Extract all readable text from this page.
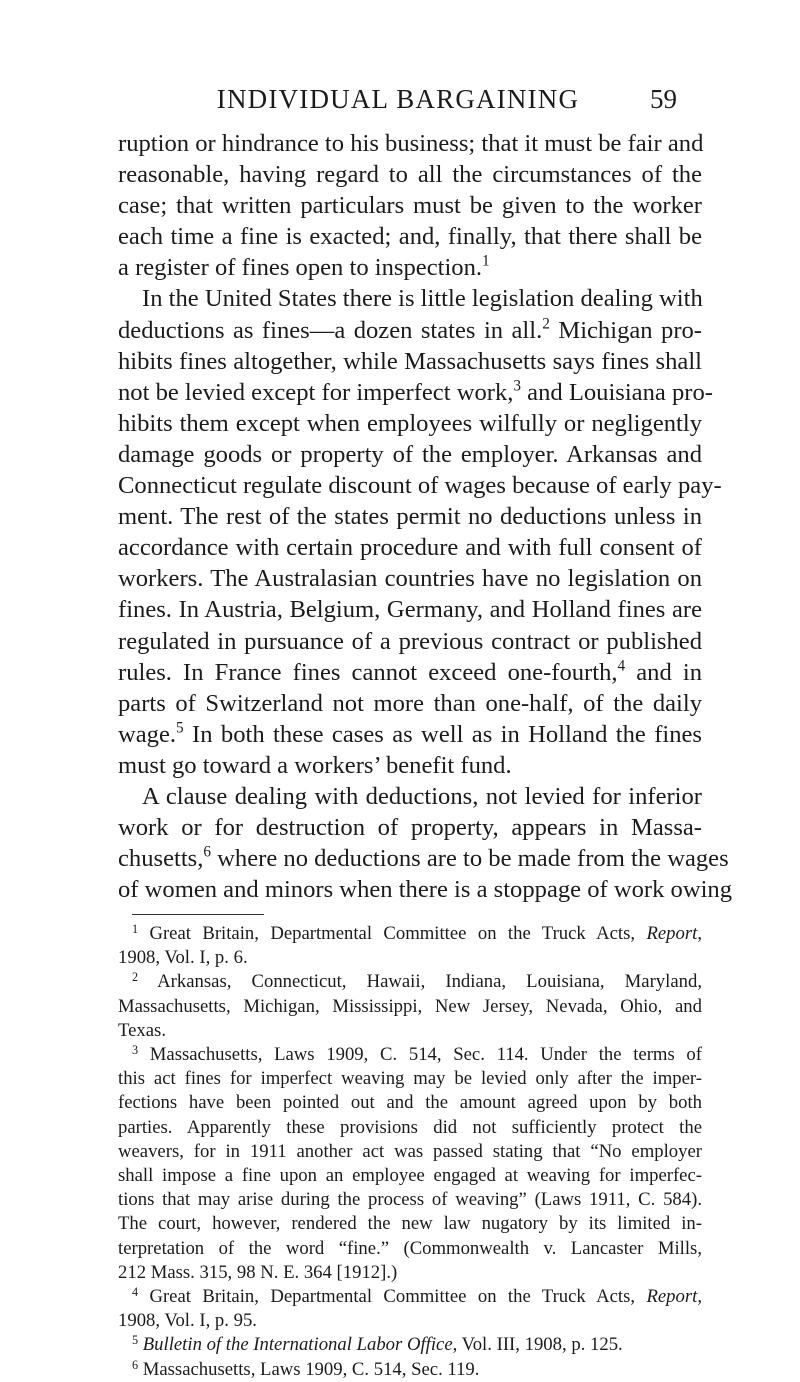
INDIVIDUAL BARGAINING	59
ruption or hindrance to his business; that it must be fair and
reasonable, having regard to all the circumstances of the
case; that written particulars must be given to the worker
each time a fine is exacted; and, finally, that there shall be
a register of fines open to inspection.$^1$
In the United States there is little legislation dealing with
deductions as fines—a dozen states in all.$^2$ Michigan pro-
hibits fines altogether, while Massachusetts says fines shall
not be levied except for imperfect work,$^3$ and Louisiana pro-
hibits them except when employees wilfully or negligently
damage goods or property of the employer. Arkansas and
Connecticut regulate discount of wages because of early pay-
ment. The rest of the states permit no deductions unless in
accordance with certain procedure and with full consent of
workers. The Australasian countries have no legislation on
fines. In Austria, Belgium, Germany, and Holland fines are
regulated in pursuance of a previous contract or published
rules. In France fines cannot exceed one-fourth,$^4$ and in
parts of Switzerland not more than one-half, of the daily
wage.$^5$ In both these cases as well as in Holland the fines
must go toward a workers’ benefit fund.
A clause dealing with deductions, not levied for inferior
work or for destruction of property, appears in Massa-
chusetts,$^6$ where no deductions are to be made from the wages
of women and minors when there is a stoppage of work owing
$^1$ Great Britain, Departmental Committee on the Truck Acts, Report,
1908, Vol. I, p. 6.
$^2$ Arkansas, Connecticut, Hawaii, Indiana, Louisiana, Maryland,
Massachusetts, Michigan, Mississippi, New Jersey, Nevada, Ohio, and
Texas.
$^3$ Massachusetts, Laws 1909, C. 514, Sec. 114. Under the terms of
this act fines for imperfect weaving may be levied only after the imper-
fections have been pointed out and the amount agreed upon by both
parties. Apparently these provisions did not sufficiently protect the
weavers, for in 1911 another act was passed stating that “No employer
shall impose a fine upon an employee engaged at weaving for imperfec-
tions that may arise during the process of weaving” (Laws 1911, C. 584).
The court, however, rendered the new law nugatory by its limited in-
terpretation of the word “fine.” (Commonwealth v. Lancaster Mills,
212 Mass. 315, 98 N. E. 364 [1912].)
$^4$ Great Britain, Departmental Committee on the Truck Acts, Report,
1908, Vol. I, p. 95.
$^5$ Bulletin of the International Labor Office, Vol. III, 1908, p. 125.
$^6$ Massachusetts, Laws 1909, C. 514, Sec. 119.
